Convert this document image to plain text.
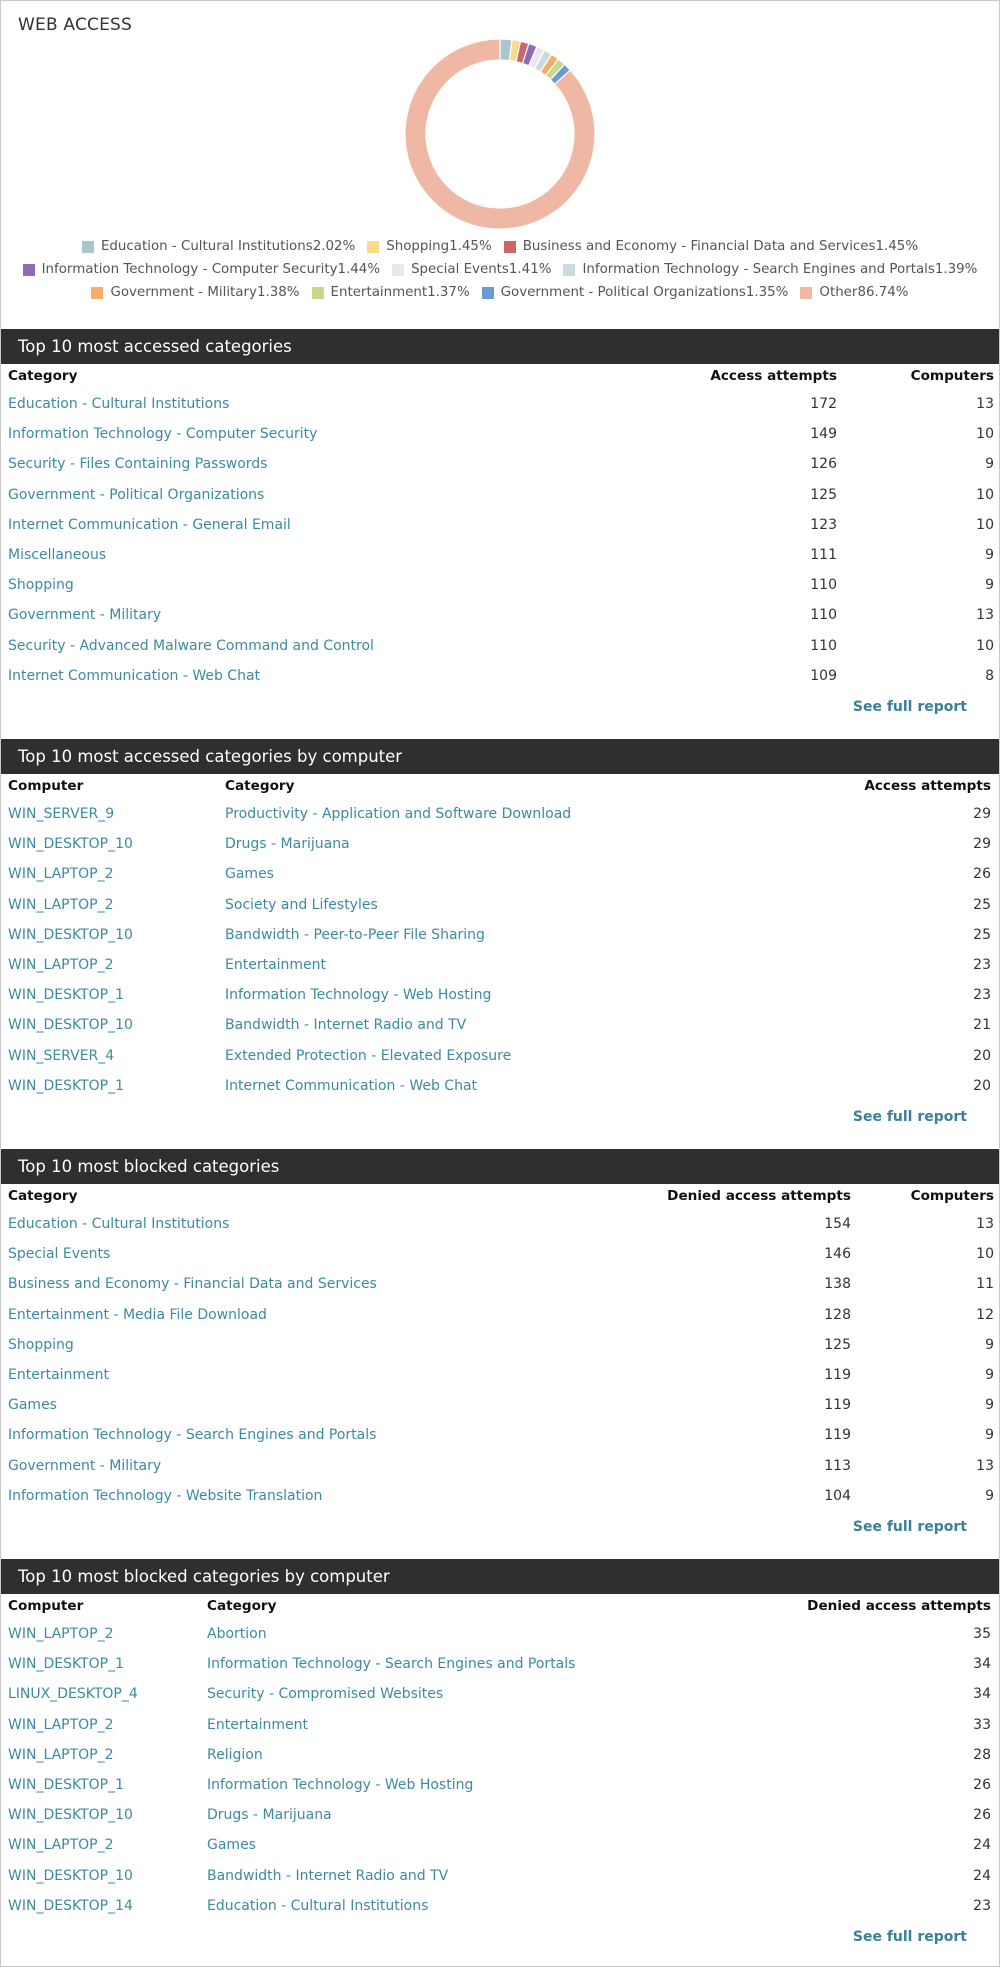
WEB ACCESS
Education - Cultural Institutions 2.02% Shopping 1.45% Business and Economy - Financial Data and Services 1.45%
Information Technology - Computer Security 1.44% Special Events 1.41% Information Technology - Search Engines and Portals 1.39%
Government - Military 1.38% Entertainment 1.37% Government - Political Organizations 1.35% Other 86.74%
Top 10 most accessed categories
Category	Access attempts	Computers
Education - Cultural Institutions	172	13
Information Technology - Computer Security	149	10
Security - Files Containing Passwords	126	9
Government - Political Organizations	125	10
Internet Communication - General Email	123	10
Miscellaneous	111	9
Shopping	110	9
Government - Military	110	13
Security - Advanced Malware Command and Control	110	10
Internet Communication - Web Chat	109	8
See full report
Top 10 most accessed categories by computer
Computer	Category	Access attempts
WIN_SERVER_9	Productivity - Application and Software Download	29
WIN_DESKTOP_10	Drugs - Marijuana	29
WIN_LAPTOP_2	Games	26
WIN_LAPTOP_2	Society and Lifestyles	25
WIN_DESKTOP_10	Bandwidth - Peer-to-Peer File Sharing	25
WIN_LAPTOP_2	Entertainment	23
WIN_DESKTOP_1	Information Technology - Web Hosting	23
WIN_DESKTOP_10	Bandwidth - Internet Radio and TV	21
WIN_SERVER_4	Extended Protection - Elevated Exposure	20
WIN_DESKTOP_1	Internet Communication - Web Chat	20
See full report
Top 10 most blocked categories
Category	Denied access attempts	Computers
Education - Cultural Institutions	154	13
Special Events	146	10
Business and Economy - Financial Data and Services	138	11
Entertainment - Media File Download	128	12
Shopping	125	9
Entertainment	119	9
Games	119	9
Information Technology - Search Engines and Portals	119	9
Government - Military	113	13
Information Technology - Website Translation	104	9
See full report
Top 10 most blocked categories by computer
Computer	Category	Denied access attempts
WIN_LAPTOP_2	Abortion	35
WIN_DESKTOP_1	Information Technology - Search Engines and Portals	34
LINUX_DESKTOP_4	Security - Compromised Websites	34
WIN_LAPTOP_2	Entertainment	33
WIN_LAPTOP_2	Religion	28
WIN_DESKTOP_1	Information Technology - Web Hosting	26
WIN_DESKTOP_10	Drugs - Marijuana	26
WIN_LAPTOP_2	Games	24
WIN_DESKTOP_10	Bandwidth - Internet Radio and TV	24
WIN_DESKTOP_14	Education - Cultural Institutions	23
See full report
